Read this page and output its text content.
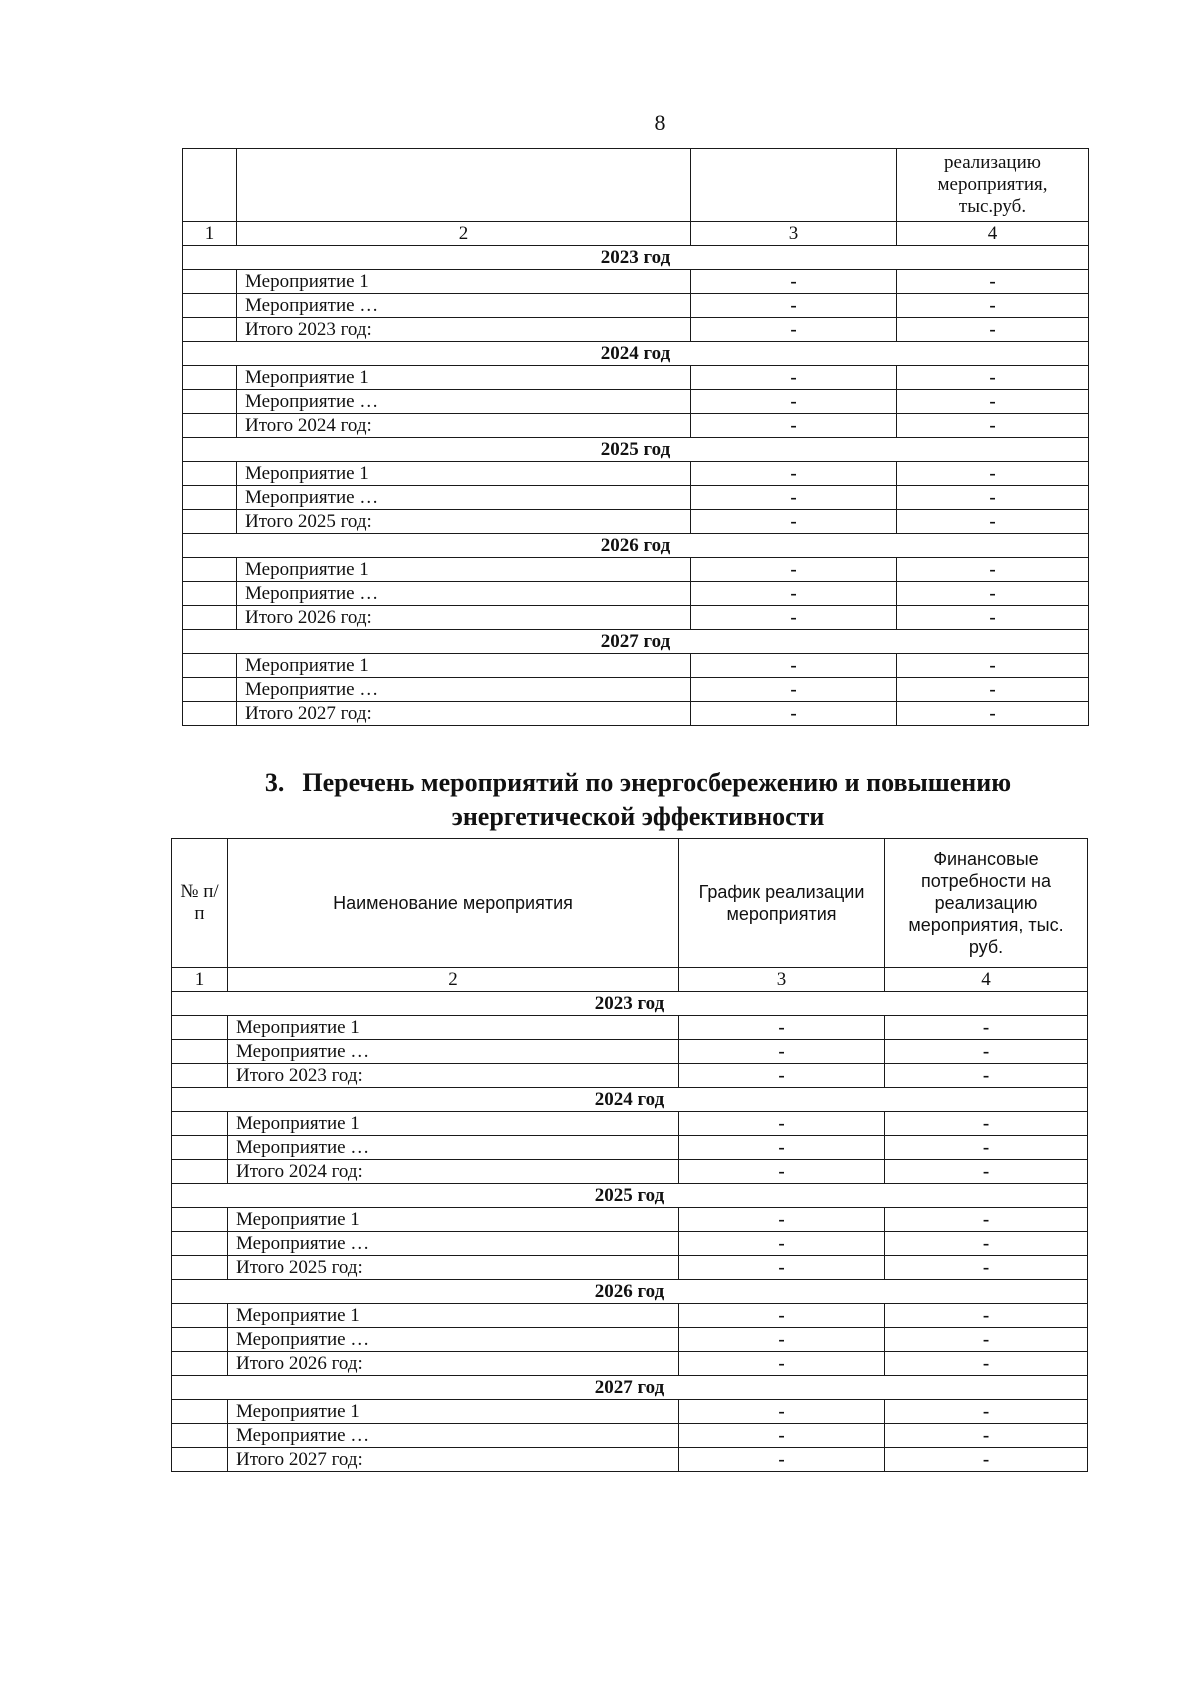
8
			реализацию мероприятия, тыс.руб.
1	2	3	4
2023 год			
	Мероприятие 1	-	-
	Мероприятие …	-	-
	Итого 2023 год:	-	-
2024 год			
	Мероприятие 1	-	-
	Мероприятие …	-	-
	Итого 2024 год:	-	-
2025 год			
	Мероприятие 1	-	-
	Мероприятие …	-	-
	Итого 2025 год:	-	-
2026 год			
	Мероприятие 1	-	-
	Мероприятие …	-	-
	Итого 2026 год:	-	-
2027 год			
	Мероприятие 1	-	-
	Мероприятие …	-	-
	Итого 2027 год:	-	-
3. Перечень мероприятий по энергосбережению и повышению
энергетической эффективности
№ п/п	Наименование мероприятия	График реализации мероприятия	Финансовые потребности на реализацию мероприятия, тыс. руб.
1	2	3	4
2023 год			
	Мероприятие 1	-	-
	Мероприятие …	-	-
	Итого 2023 год:	-	-
2024 год			
	Мероприятие 1	-	-
	Мероприятие …	-	-
	Итого 2024 год:	-	-
2025 год			
	Мероприятие 1	-	-
	Мероприятие …	-	-
	Итого 2025 год:	-	-
2026 год			
	Мероприятие 1	-	-
	Мероприятие …	-	-
	Итого 2026 год:	-	-
2027 год			
	Мероприятие 1	-	-
	Мероприятие …	-	-
	Итого 2027 год:	-	-
